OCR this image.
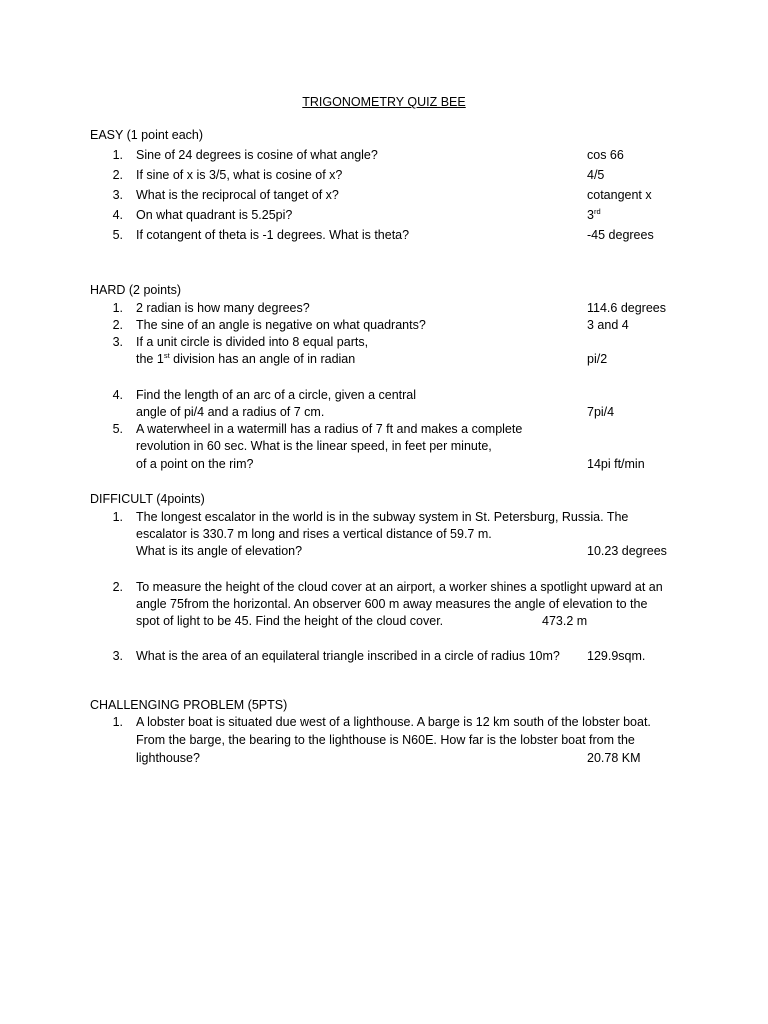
TRIGONOMETRY QUIZ BEE
EASY (1 point each)
1. Sine of 24 degrees is cosine of what angle?	cos 66
2. If sine of x is 3/5, what is cosine of x?	4/5
3. What is the reciprocal of tanget of x?	cotangent x
4. On what quadrant is 5.25pi?	3rd
5. If cotangent of theta is -1 degrees. What is theta?	-45 degrees
HARD (2 points)
1. 2 radian is how many degrees?	114.6 degrees
2. The sine of an angle is negative on what quadrants?	3 and 4
3. If a unit circle is divided into 8 equal parts,
the 1st division has an angle of in radian	pi/2
4. Find the length of an arc of a circle, given a central
angle of pi/4 and a radius of 7 cm.	7pi/4
5. A waterwheel in a watermill has a radius of 7 ft and makes a complete
revolution in 60 sec. What is the linear speed, in feet per minute,
of a point on the rim?	14pi ft/min
DIFFICULT (4points)
1. The longest escalator in the world is in the subway system in St. Petersburg, Russia. The
escalator is 330.7 m long and rises a vertical distance of 59.7 m.
What is its angle of elevation?	10.23 degrees
2. To measure the height of the cloud cover at an airport, a worker shines a spotlight upward at an
angle 75from the horizontal. An observer 600 m away measures the angle of elevation to the
spot of light to be 45. Find the height of the cloud cover.	473.2 m
3. What is the area of an equilateral triangle inscribed in a circle of radius 10m? 129.9sqm.
CHALLENGING PROBLEM (5PTS)
1. A lobster boat is situated due west of a lighthouse. A barge is 12 km south of the lobster boat.
From the barge, the bearing to the lighthouse is N60E. How far is the lobster boat from the
lighthouse?	20.78 KM
